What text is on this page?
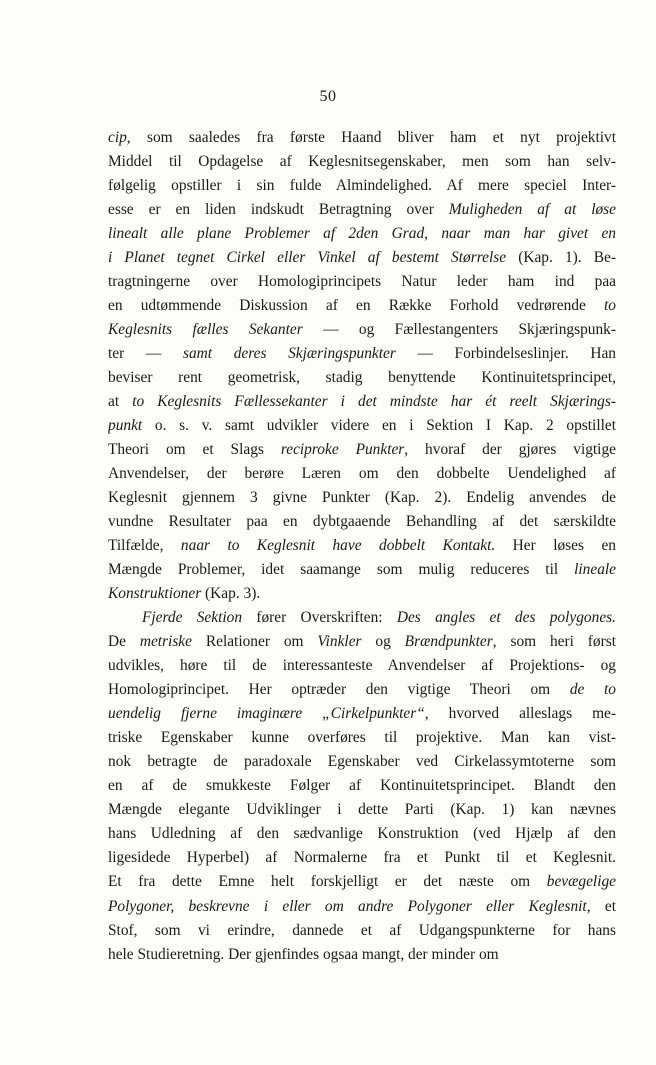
50
cip, som saaledes fra første Haand bliver ham et nyt projektivt
Middel til Opdagelse af Keglesnitsegenskaber, men som han selv-
følgelig opstiller i sin fulde Almindelighed. Af mere speciel Inter-
esse er en liden indskudt Betragtning over Muligheden af at løse
linealt alle plane Problemer af 2den Grad, naar man har givet en
i Planet tegnet Cirkel eller Vinkel af bestemt Størrelse (Kap. 1). Be-
tragtningerne over Homologiprincipets Natur leder ham ind paa
en udtømmende Diskussion af en Række Forhold vedrørende to
Keglesnits fælles Sekanter — og Fællestangenters Skjæringspunk-
ter — samt deres Skjæringspunkter — Forbindelseslinjer. Han
beviser rent geometrisk, stadig benyttende Kontinuitetsprincipet,
at to Keglesnits Fællessekanter i det mindste har ét reelt Skjærings-
punkt o. s. v. samt udvikler videre en i Sektion I Kap. 2 opstillet
Theori om et Slags reciproke Punkter, hvoraf der gjøres vigtige
Anvendelser, der berøre Læren om den dobbelte Uendelighed af
Keglesnit gjennem 3 givne Punkter (Kap. 2). Endelig anvendes de
vundne Resultater paa en dybtgaaende Behandling af det særskildte
Tilfælde, naar to Keglesnit have dobbelt Kontakt. Her løses en
Mængde Problemer, idet saamange som mulig reduceres til lineale
Konstruktioner (Kap. 3).
Fjerde Sektion fører Overskriften: Des angles et des polygones.
De metriske Relationer om Vinkler og Brændpunkter, som heri først
udvikles, høre til de interessanteste Anvendelser af Projektions- og
Homologiprincipet. Her optræder den vigtige Theori om de to
uendelig fjerne imaginære „Cirkelpunkter“, hvorved alleslags me-
triske Egenskaber kunne overføres til projektive. Man kan vist-
nok betragte de paradoxale Egenskaber ved Cirkelassymtoterne som
en af de smukkeste Følger af Kontinuitetsprincipet. Blandt den
Mængde elegante Udviklinger i dette Parti (Kap. 1) kan nævnes
hans Udledning af den sædvanlige Konstruktion (ved Hjælp af den
ligesidede Hyperbel) af Normalerne fra et Punkt til et Keglesnit.
Et fra dette Emne helt forskjelligt er det næste om bevægelige
Polygoner, beskrevne i eller om andre Polygoner eller Keglesnit, et
Stof, som vi erindre, dannede et af Udgangspunkterne for hans
hele Studieretning. Der gjenfindes ogsaa mangt, der minder om
